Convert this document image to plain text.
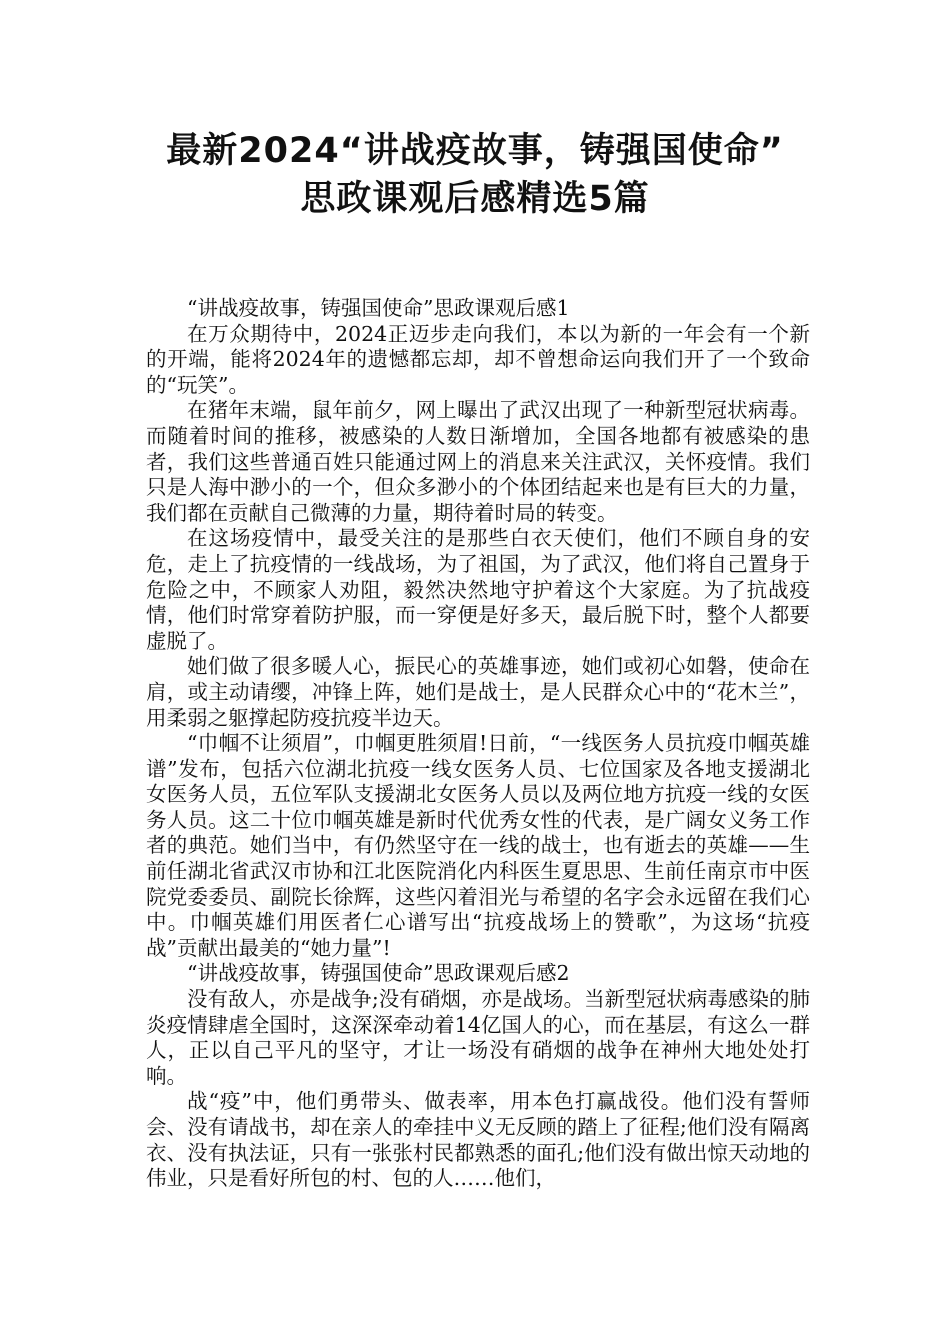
最新2024“讲战疫故事，铸强国使命”
思政课观后感精选5篇

“讲战疫故事，铸强国使命”思政课观后感1

在万众期待中，2024正迈步走向我们，本以为新的一年会有一个新的开端，能将2024年的遗憾都忘却，却不曾想命运向我们开了一个致命的“玩笑”。

在猪年末端，鼠年前夕，网上曝出了武汉出现了一种新型冠状病毒。而随着时间的推移，被感染的人数日渐增加，全国各地都有被感染的患者，我们这些普通百姓只能通过网上的消息来关注武汉，关怀疫情。我们只是人海中渺小的一个，但众多渺小的个体团结起来也是有巨大的力量，我们都在贡献自己微薄的力量，期待着时局的转变。

在这场疫情中，最受关注的是那些白衣天使们，他们不顾自身的安危，走上了抗疫情的一线战场，为了祖国，为了武汉，他们将自己置身于危险之中，不顾家人劝阻，毅然决然地守护着这个大家庭。为了抗战疫情，他们时常穿着防护服，而一穿便是好多天，最后脱下时，整个人都要虚脱了。

她们做了很多暖人心，振民心的英雄事迹，她们或初心如磐，使命在肩，或主动请缨，冲锋上阵，她们是战士，是人民群众心中的“花木兰”，用柔弱之躯撑起防疫抗疫半边天。

“巾帼不让须眉”，巾帼更胜须眉!日前，“一线医务人员抗疫巾帼英雄谱”发布，包括六位湖北抗疫一线女医务人员、七位国家及各地支援湖北女医务人员，五位军队支援湖北女医务人员以及两位地方抗疫一线的女医务人员。这二十位巾帼英雄是新时代优秀女性的代表，是广阔女义务工作者的典范。她们当中，有仍然坚守在一线的战士，也有逝去的英雄——生前任湖北省武汉市协和江北医院消化内科医生夏思思、生前任南京市中医院党委委员、副院长徐辉，这些闪着泪光与希望的名字会永远留在我们心中。巾帼英雄们用医者仁心谱写出“抗疫战场上的赞歌”，为这场“抗疫战”贡献出最美的“她力量”!

“讲战疫故事，铸强国使命”思政课观后感2

没有敌人，亦是战争;没有硝烟，亦是战场。当新型冠状病毒感染的肺炎疫情肆虐全国时，这深深牵动着14亿国人的心，而在基层，有这么一群人，正以自己平凡的坚守，才让一场没有硝烟的战争在神州大地处处打响。

战“疫”中，他们勇带头、做表率，用本色打赢战役。他们没有誓师会、没有请战书，却在亲人的牵挂中义无反顾的踏上了征程;他们没有隔离衣、没有执法证，只有一张张村民都熟悉的面孔;他们没有做出惊天动地的伟业，只是看好所包的村、包的人……他们，
